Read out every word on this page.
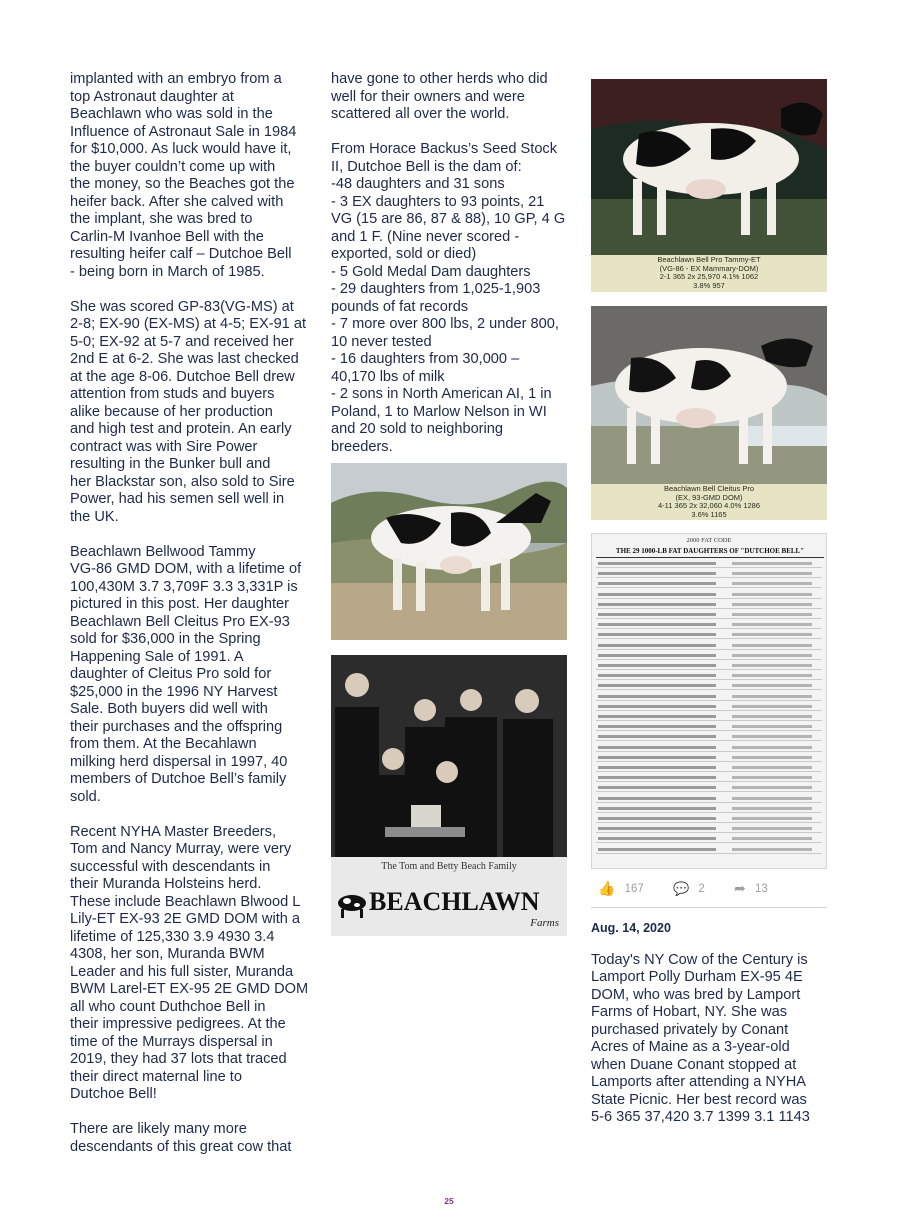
implanted with an embryo from a
top Astronaut daughter at
Beachlawn who was sold in the
Influence of Astronaut Sale in 1984
for $10,000. As luck would have it,
the buyer couldn’t come up with
the money, so the Beaches got the
heifer back. After she calved with
the implant, she was bred to
Carlin-M Ivanhoe Bell with the
resulting heifer calf – Dutchoe Bell
- being born in March of 1985.

She was scored GP-83(VG-MS) at
2-8; EX-90 (EX-MS) at 4-5; EX-91 at
5-0; EX-92 at 5-7 and received her
2nd E at 6-2. She was last checked
at the age 8-06. Dutchoe Bell drew
attention from studs and buyers
alike because of her production
and high test and protein. An early
contract was with Sire Power
resulting in the Bunker bull and
her Blackstar son, also sold to Sire
Power, had his semen sell well in
the UK.

Beachlawn Bellwood Tammy
VG-86 GMD DOM, with a lifetime of
100,430M 3.7 3,709F 3.3 3,331P is
pictured in this post. Her daughter
Beachlawn Bell Cleitus Pro EX-93
sold for $36,000 in the Spring
Happening Sale of 1991. A
daughter of Cleitus Pro sold for
$25,000 in the 1996 NY Harvest
Sale. Both buyers did well with
their purchases and the offspring
from them. At the Becahlawn
milking herd dispersal in 1997, 40
members of Dutchoe Bell’s family
sold.

Recent NYHA Master Breeders,
Tom and Nancy Murray, were very
successful with descendants in
their Muranda Holsteins herd.
These include Beachlawn Blwood L
Lily-ET EX-93 2E GMD DOM with a
lifetime of 125,330 3.9 4930 3.4
4308, her son, Muranda BWM
Leader and his full sister, Muranda
BWM Larel-ET EX-95 2E GMD DOM
all who count Duthchoe Bell in
their impressive pedigrees. At the
time of the Murrays dispersal in
2019, they had 37 lots that traced
their direct maternal line to
Dutchoe Bell!

There are likely many more
descendants of this great cow that

have gone to other herds who did
well for their owners and were
scattered all over the world.

From Horace Backus’s Seed Stock
II, Dutchoe Bell is the dam of:
-48 daughters and 31 sons
- 3 EX daughters to 93 points, 21
VG (15 are 86, 87 & 88), 10 GP, 4 G
and 1 F. (Nine never scored -
exported, sold or died)
- 5 Gold Medal Dam daughters
- 29 daughters from 1,025-1,903
pounds of fat records
- 7 more over 800 lbs, 2 under 800,
10 never tested
- 16 daughters from 30,000 –
40,170 lbs of milk
- 2 sons in North American AI, 1 in
Poland, 1 to Marlow Nelson in WI
and 20 sold to neighboring
breeders.

The Tom and Betty Beach Family
BEACHLAWN
Farms
Beachlawn Bell Pro Tammy-ET
(VG-86 - EX Mammary-DOM)
2-1 365 2x 25,970 4.1% 1062
3.8% 957
Beachlawn Bell Cleitus Pro
(EX, 93-GMD DOM)
4-11 365 2x 32,060 4.0% 1286
3.6% 1165
2000 FAT CODE
THE 29 1000-LB FAT DAUGHTERS OF "DUTCHOE BELL"
👍 167 💬 2 ➦ 13

Aug. 14, 2020

Today's NY Cow of the Century is
Lamport Polly Durham EX-95 4E
DOM, who was bred by Lamport
Farms of Hobart, NY. She was
purchased privately by Conant
Acres of Maine as a 3-year-old
when Duane Conant stopped at
Lamports after attending a NYHA
State Picnic. Her best record was
5-6 365 37,420 3.7 1399 3.1 1143

25
